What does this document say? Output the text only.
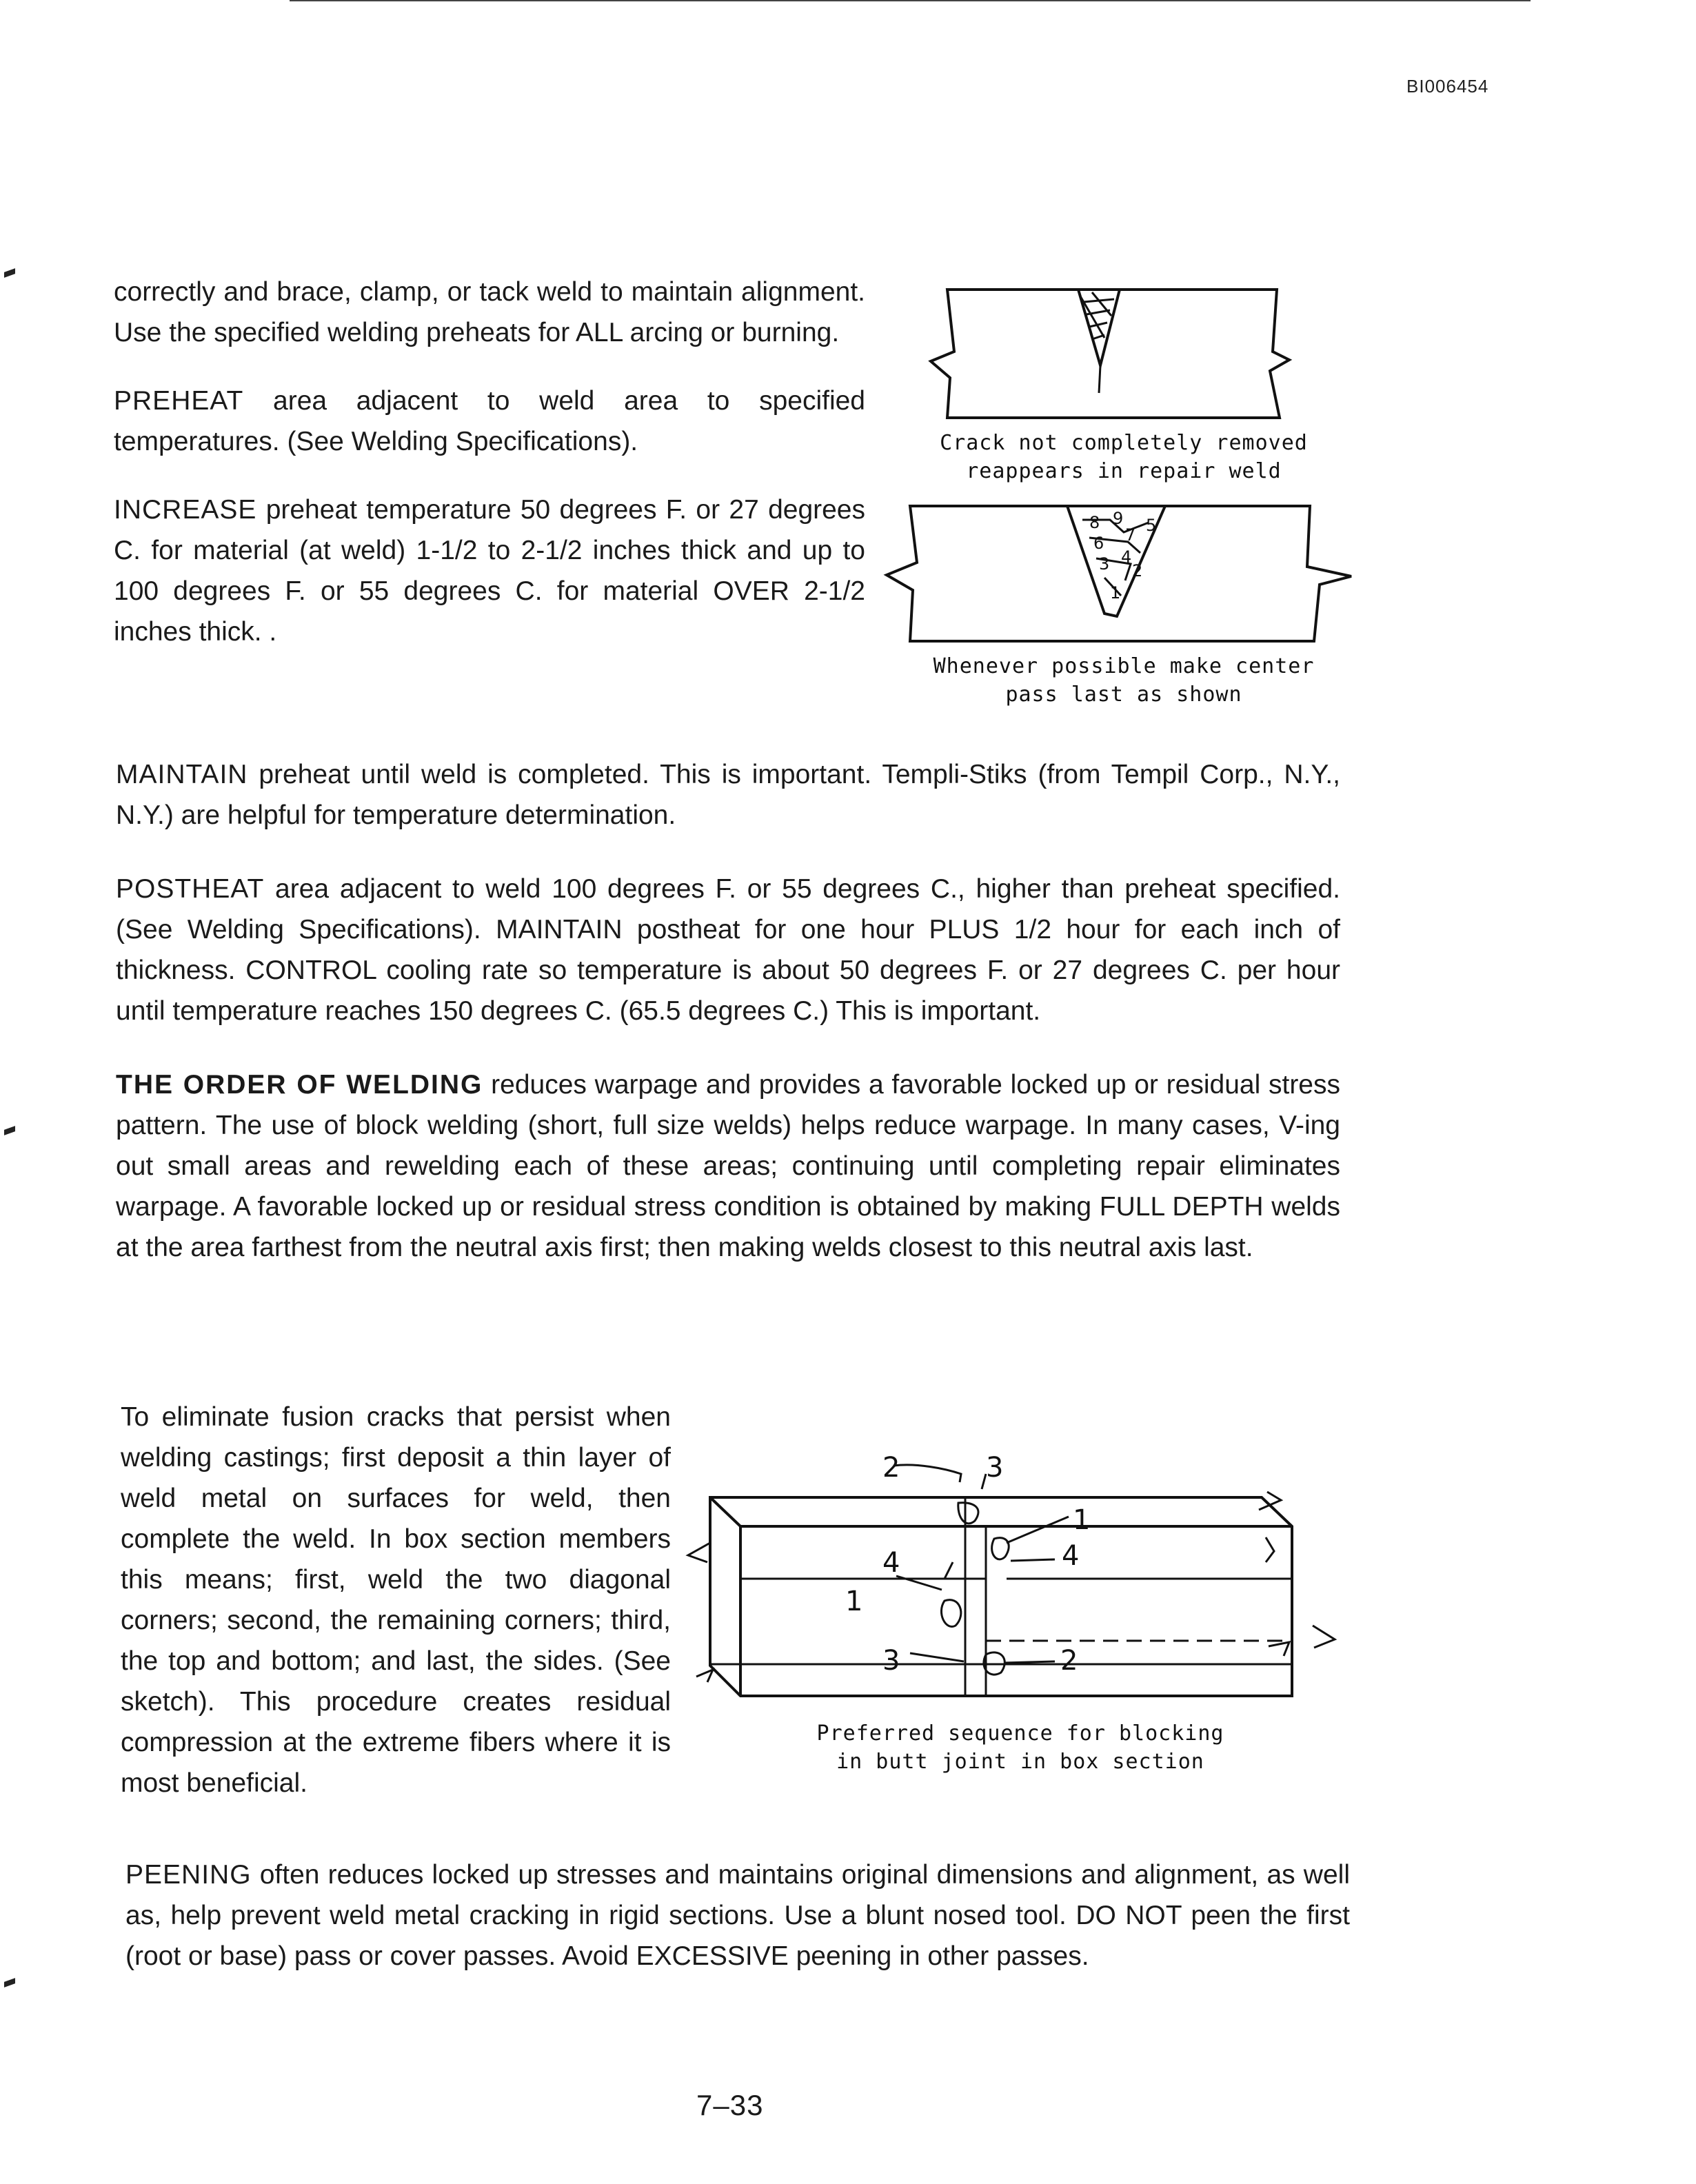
BI006454

correctly and brace, clamp, or tack weld to maintain alignment. Use the specified welding preheats for ALL arcing or burning.

PREHEAT area adjacent to weld area to specified temperatures. (See Welding Specifications).

INCREASE preheat temperature 50 degrees F. or 27 degrees C. for material (at weld) 1-1/2 to 2-1/2 inches thick and up to 100 degrees F. or 55 degrees C. for material OVER 2-1/2 inches thick. .

Crack not completely removed
reappears in repair weld
8 9
7
6
5
4
3 2
1
Whenever possible make center
pass last as shown

MAINTAIN preheat until weld is completed. This is important. Templi-Stiks (from Tempil Corp., N.Y., N.Y.) are helpful for temperature determination.

POSTHEAT area adjacent to weld 100 degrees F. or 55 degrees C., higher than preheat specified. (See Welding Specifications). MAINTAIN postheat for one hour PLUS 1/2 hour for each inch of thickness. CONTROL cooling rate so temperature is about 50 degrees F. or 27 degrees C. per hour until temperature reaches 150 degrees C. (65.5 degrees C.) This is important.

THE ORDER OF WELDING reduces warpage and provides a favorable locked up or residual stress pattern. The use of block welding (short, full size welds) helps reduce warpage. In many cases, V-ing out small areas and rewelding each of these areas; continuing until completing repair eliminates warpage. A favorable locked up or residual stress condition is obtained by making FULL DEPTH welds at the area farthest from the neutral axis first; then making welds closest to this neutral axis last.

To eliminate fusion cracks that persist when welding castings; first deposit a thin layer of weld metal on surfaces for weld, then complete the weld. In box section members this means; first, weld the two diagonal corners; second, the remaining corners; third, the top and bottom; and last, the sides. (See sketch). This procedure creates residual compression at the extreme fibers where it is most beneficial.

2	3
1
4	4
1
3	2
Preferred sequence for blocking
in butt joint in box section

PEENING often reduces locked up stresses and maintains original dimensions and alignment, as well as, help prevent weld metal cracking in rigid sections. Use a blunt nosed tool. DO NOT peen the first (root or base) pass or cover passes. Avoid EXCESSIVE peening in other passes.

7–33
